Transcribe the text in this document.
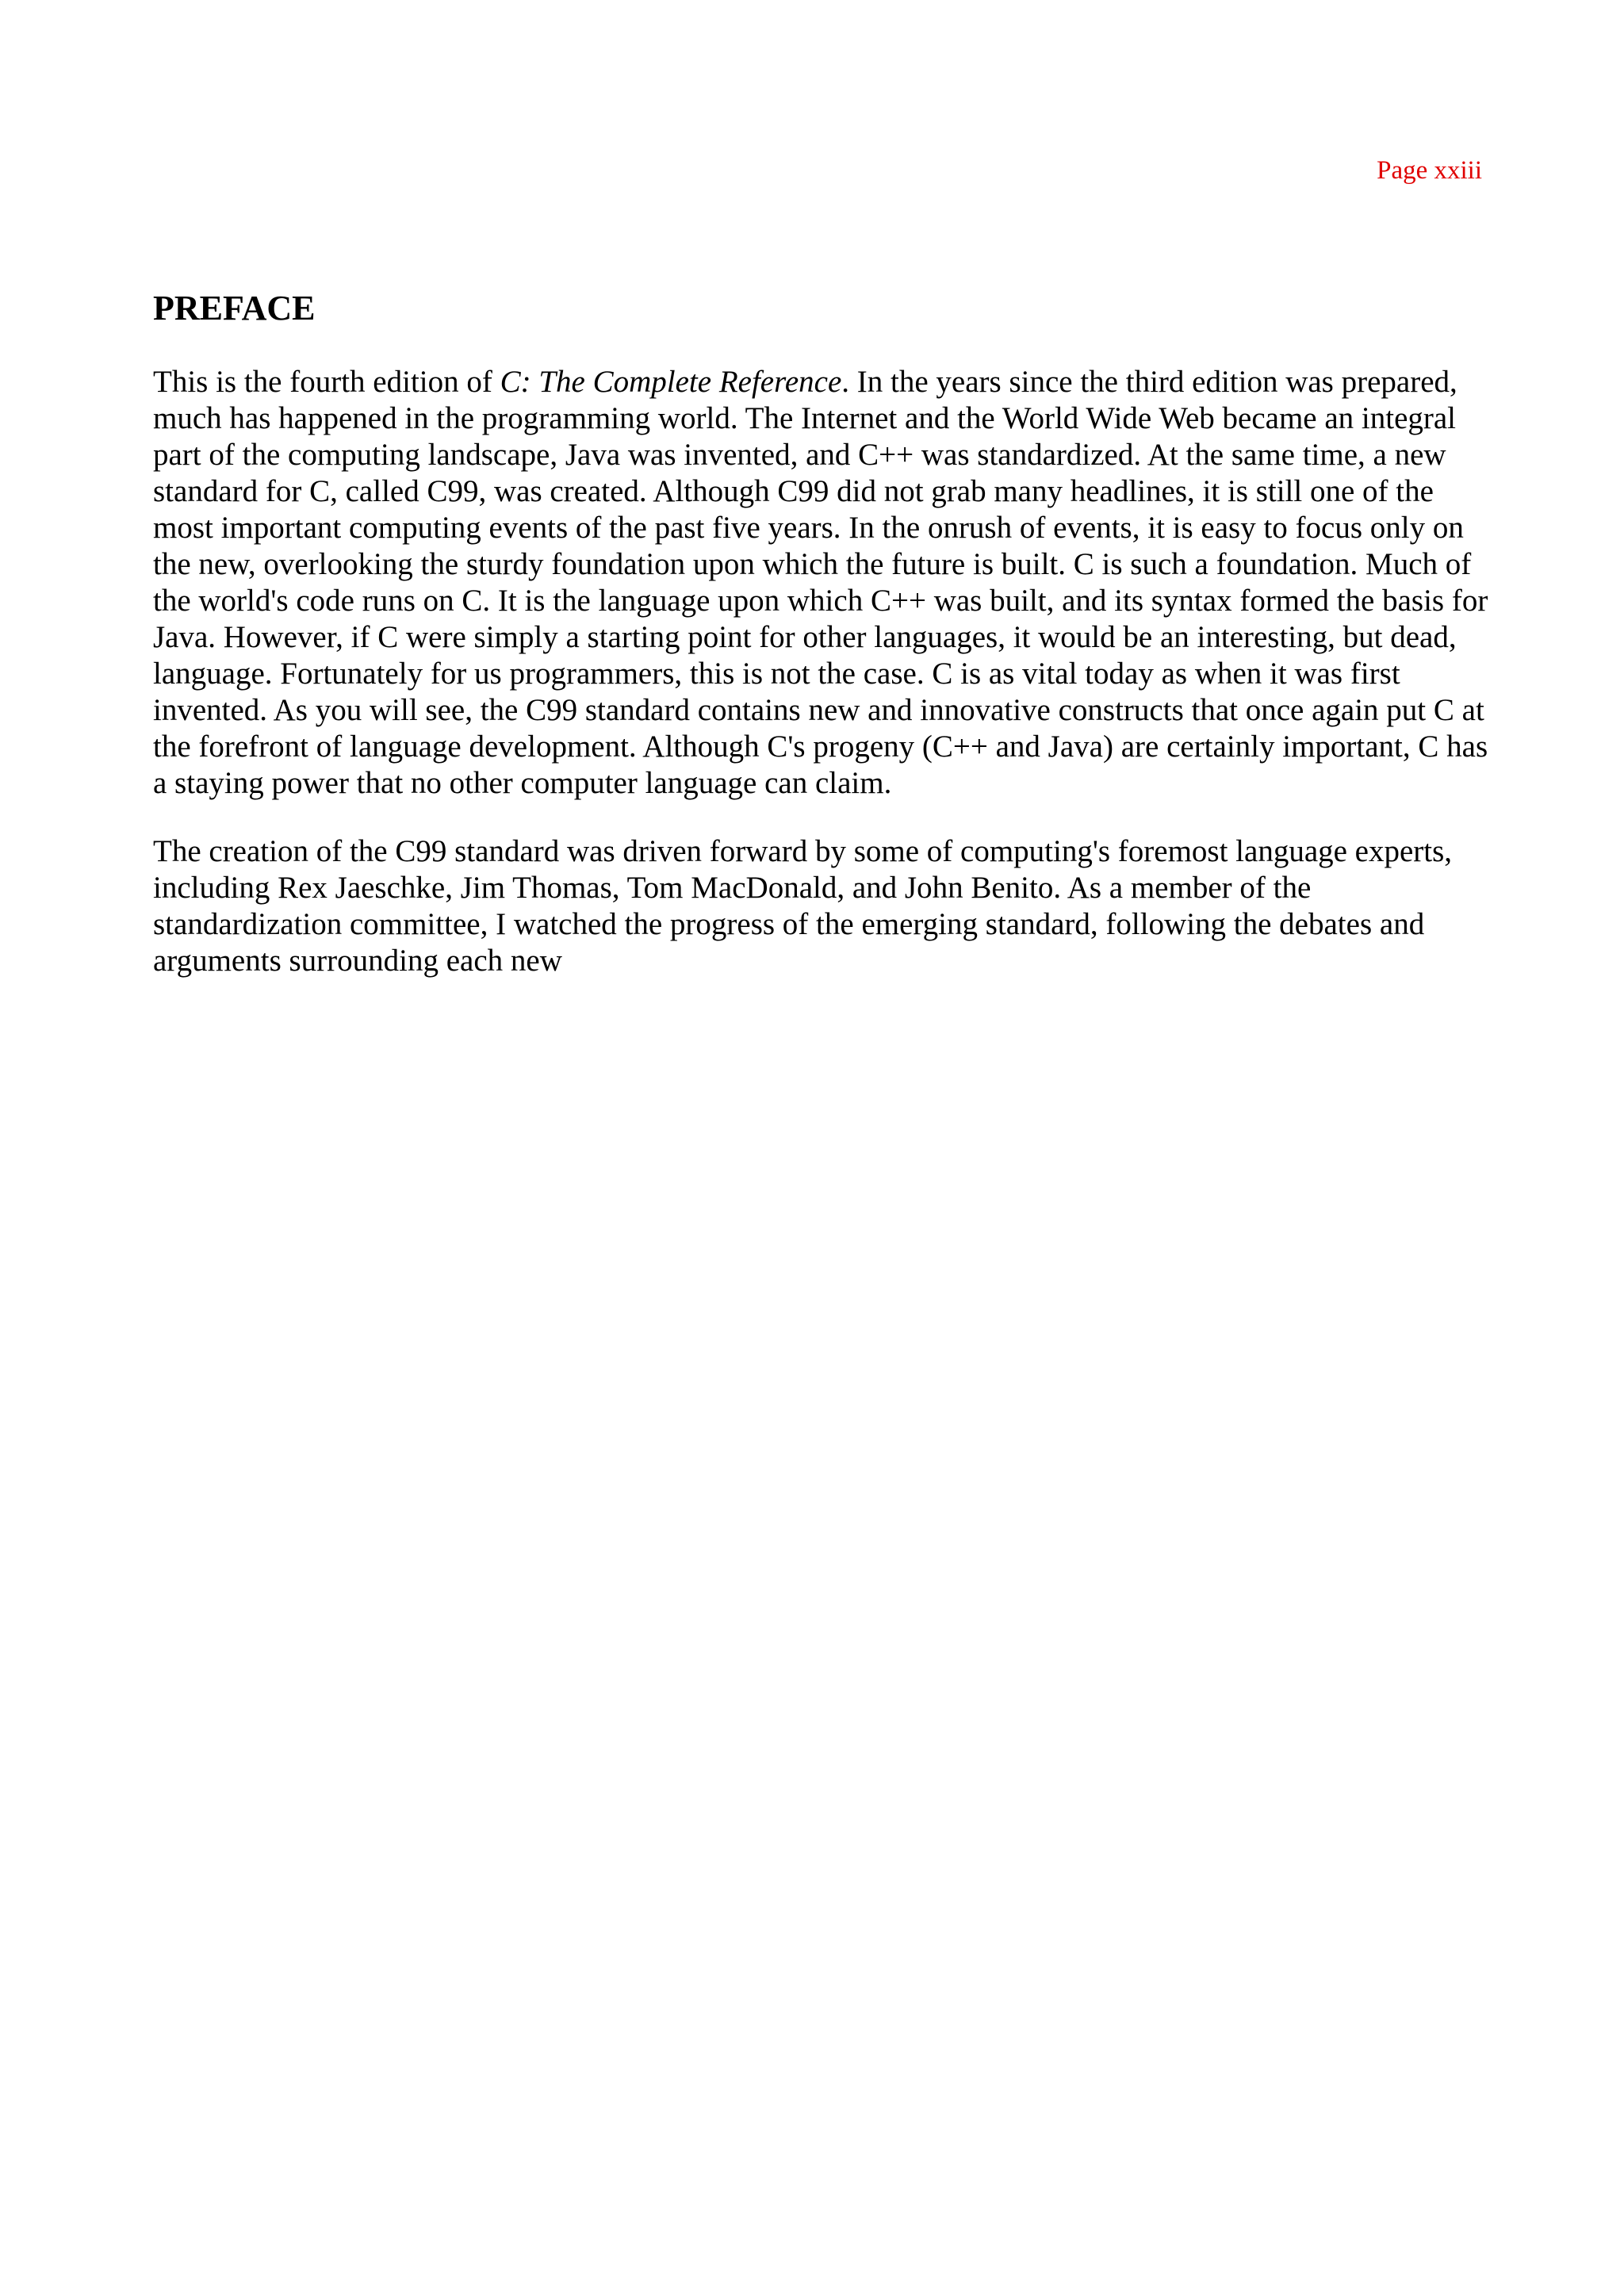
Page xxiii
PREFACE

This is the fourth edition of C: The Complete Reference. In the years since the third edition was prepared, much has happened in the programming world. The Internet and the World Wide Web became an integral part of the computing landscape, Java was invented, and C++ was standardized. At the same time, a new standard for C, called C99, was created. Although C99 did not grab many headlines, it is still one of the most important computing events of the past five years. In the onrush of events, it is easy to focus only on the new, overlooking the sturdy foundation upon which the future is built. C is such a foundation. Much of the world's code runs on C. It is the language upon which C++ was built, and its syntax formed the basis for Java. However, if C were simply a starting point for other languages, it would be an interesting, but dead, language. Fortunately for us programmers, this is not the case. C is as vital today as when it was first invented. As you will see, the C99 standard contains new and innovative constructs that once again put C at the forefront of language development. Although C's progeny (C++ and Java) are certainly important, C has a staying power that no other computer language can claim.

The creation of the C99 standard was driven forward by some of computing's foremost language experts, including Rex Jaeschke, Jim Thomas, Tom MacDonald, and John Benito. As a member of the standardization committee, I watched the progress of the emerging standard, following the debates and arguments surrounding each new
